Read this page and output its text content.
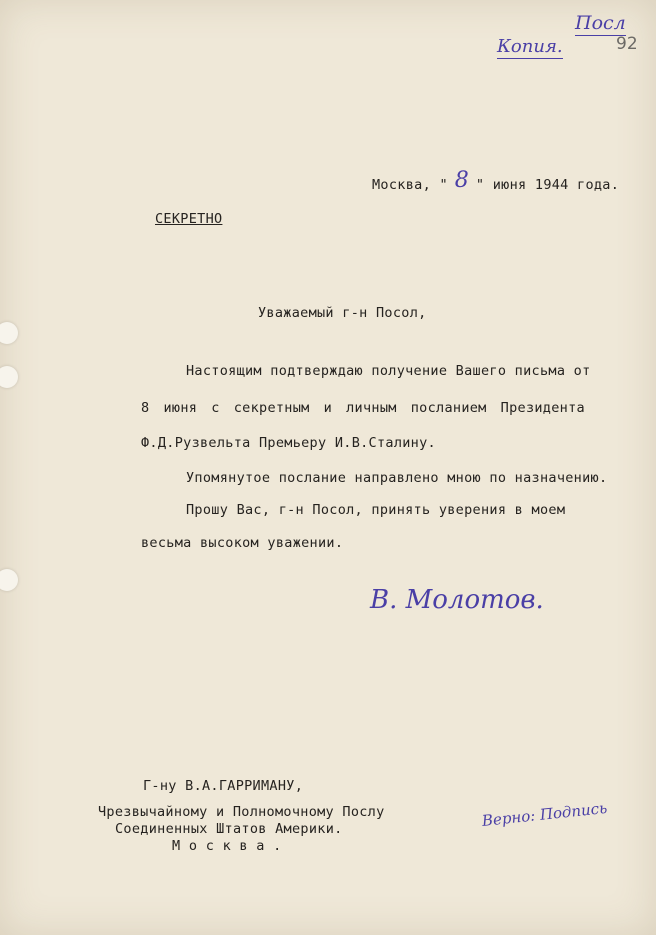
Копия.
Посл
92
Москва, " 8 " июня 1944 года.
СЕКРЕТНО
Уважаемый г-н Посол,
Настоящим подтверждаю получение Вашего письма от
8 июня с секретным и личным посланием Президента
Ф.Д.Рузвельта Премьеру И.В.Сталину.
Упомянутое послание направлено мною по назначению.
Прошу Вас, г-н Посол, принять уверения в моем
весьма высоком уважении.
В. Молотов.
Г-ну В.А.ГАРРИМАНУ,
Чрезвычайному и Полномочному Послу
Соединенных Штатов Америки.
М о с к в а .
Верно: Подпись
